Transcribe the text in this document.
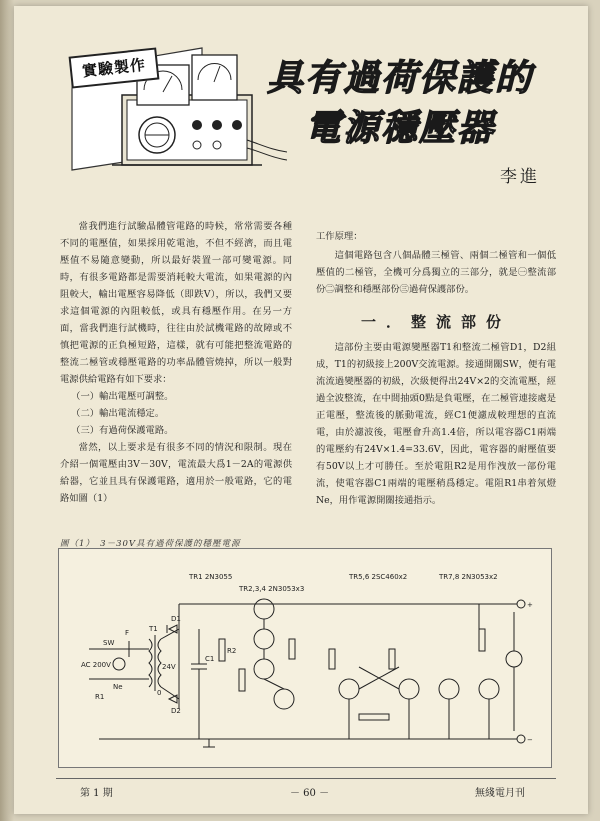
實驗製作	具有過荷保護的
電源穩壓器
李進

當我們進行試驗晶體管電路的時候，常常需要各種不同的電壓值，如果採用乾電池，不但不經濟，而且電壓值不易隨意變動，所以最好裝置一部可變電源。同時，有很多電路都是需要消耗較大電流，如果電源的內阻較大，輸出電壓容易降低（即跌V），所以，我們又要求這個電源的內阻較低，或具有穩壓作用。在另一方面，當我們進行試機時，往往由於試機電路的故障或不慎把電源的正負極短路，這樣，就有可能把整流電路的整流二極管或穩壓電路的功率晶體管燒掉，所以一般對電源供給電路有如下要求：

（一）輸出電壓可調整。

（二）輸出電流穩定。

（三）有過荷保護電路。

當然，以上要求是有很多不同的情況和限制。現在介紹一個電壓由3V－30V，電流最大爲1－2A的電源供給器，它並且具有保護電路，適用於一般電路，它的電路如圖（1）

工作原理：

這個電路包含八個晶體三極管、兩個二極管和一個低壓值的二極管，全機可分爲獨立的三部分，就是㊀整流部份㊁調整和穩壓部份㊂過荷保護部份。

一．整流部份

這部份主要由電源變壓器T1和整流二極管D1，D2組成，T1的初級接上200V交流電源。接通開關SW，便有電流流過變壓器的初級，次級便得出24V×2的交流電壓，經過全波整流，在中間抽頭0點是負電壓，在二極管連接處是正電壓，整流後的脈動電流，經C1便濾成較理想的直流電，由於濾波後，電壓會升高1.4倍，所以電容器C1兩端的電壓約有24V×1.4=33.6V，因此，電容器的耐壓值要有50V以上才可勝任。至於電阻R2是用作洩放一部份電流，使電容器C1兩端的電壓稍爲穩定。電阻R1串着氖燈Ne，用作電源開關接通指示。

圖（1）　3－30V具有過荷保護的穩壓電源
TR1 2N3055
TR2,3,4 2N3053x3
TR5,6 2SC460x2	TR7,8 2N3053x2
SW
AC 200V
F
Ne
T1
D1
D2
C1
R2
R1
24V
0
+
−
第 1 期	－ 60 －	無綫電月刊
